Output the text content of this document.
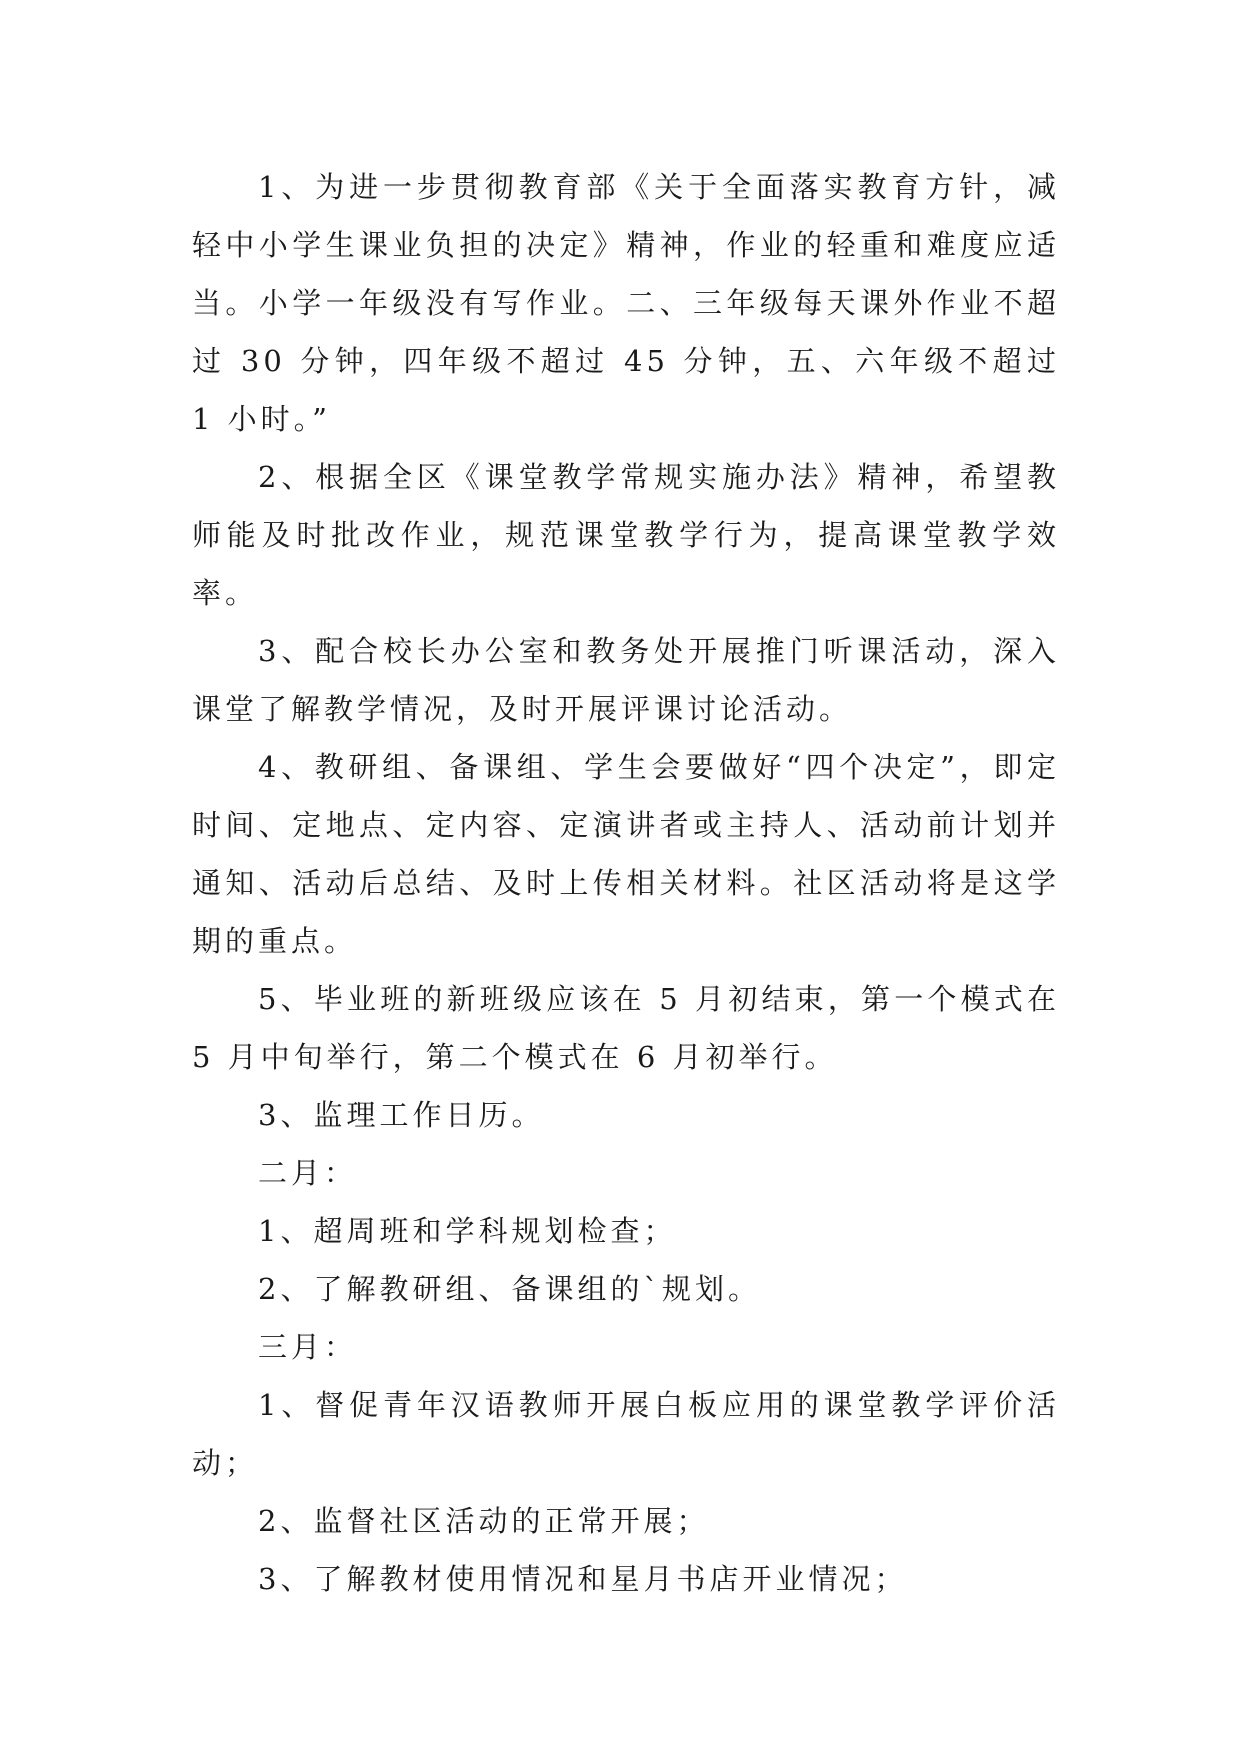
1、为进一步贯彻教育部《关于全面落实教育方针，减轻中小学生课业负担的决定》精神，作业的轻重和难度应适当。小学一年级没有写作业。二、三年级每天课外作业不超过 30 分钟，四年级不超过 45 分钟，五、六年级不超过 1 小时。”

2、根据全区《课堂教学常规实施办法》精神，希望教师能及时批改作业，规范课堂教学行为，提高课堂教学效率。

3、配合校长办公室和教务处开展推门听课活动，深入课堂了解教学情况，及时开展评课讨论活动。

4、教研组、备课组、学生会要做好“四个决定”，即定时间、定地点、定内容、定演讲者或主持人、活动前计划并通知、活动后总结、及时上传相关材料。社区活动将是这学期的重点。

5、毕业班的新班级应该在 5 月初结束，第一个模式在 5 月中旬举行，第二个模式在 6 月初举行。

3、监理工作日历。

二月：

1、超周班和学科规划检查；

2、了解教研组、备课组的`规划。

三月：

1、督促青年汉语教师开展白板应用的课堂教学评价活动；

2、监督社区活动的正常开展；

3、了解教材使用情况和星月书店开业情况；
